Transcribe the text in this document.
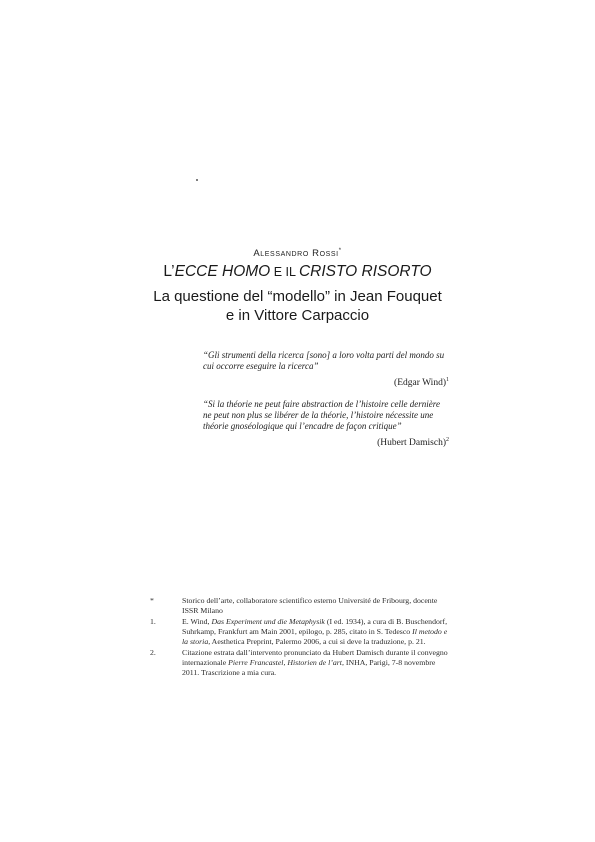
Alessandro Rossi*
L’ECCE HOMO E IL CRISTO RISORTO
La questione del “modello” in Jean Fouquet
e in Vittore Carpaccio
“Gli strumenti della ricerca [sono] a loro volta parti del mondo su cui occorre eseguire la ricerca”
(Edgar Wind)$^1$
“Si la théorie ne peut faire abstraction de l’histoire celle dernière ne peut non plus se libérer de la théorie, l’histoire nécessite une théorie gnoséologique qui l’encadre de façon critique”
(Hubert Damisch)$^2$
*	Storico dell’arte, collaboratore scientifico esterno Université de Fribourg, docente ISSR Milano
1.	E. Wind, Das Experiment und die Metaphysik (I ed. 1934), a cura di B. Buschendorf, Suhrkamp, Frankfurt am Main 2001, epilogo, p. 285, citato in S. Tedesco Il metodo e la storia, Aesthetica Preprint, Palermo 2006, a cui si deve la traduzione, p. 21.
2.	Citazione estrata dall’intervento pronunciato da Hubert Damisch durante il convegno internazionale Pierre Francastel, Historien de l’art, INHA, Parigi, 7-8 novembre 2011. Trascrizione a mia cura.
